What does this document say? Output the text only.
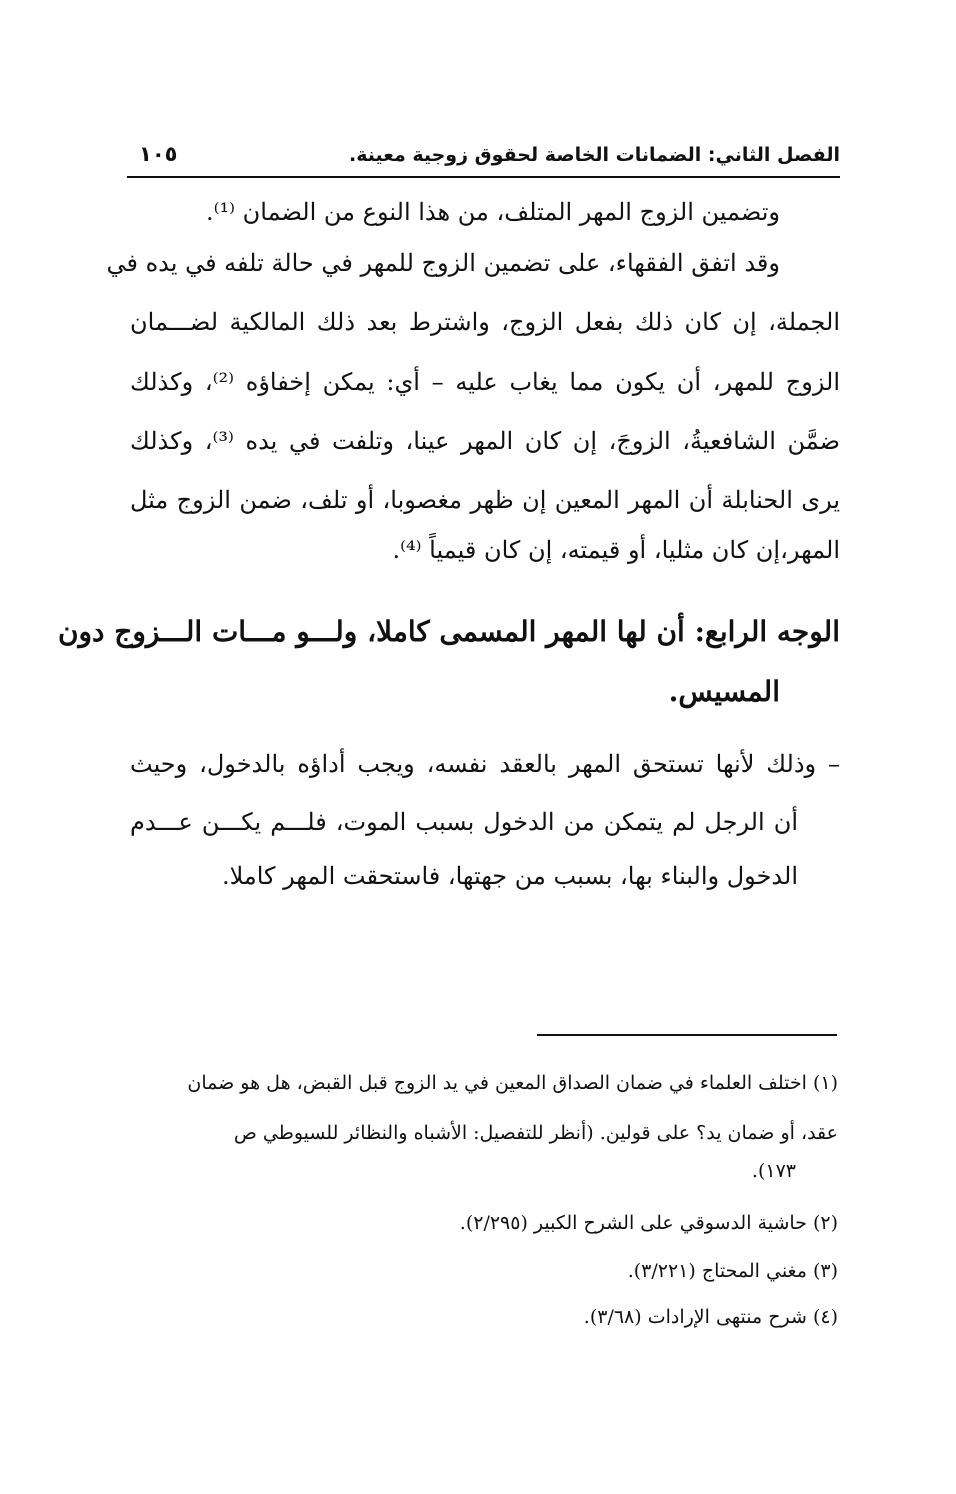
الفصل الثاني: الضمانات الخاصة لحقوق زوجية معينة.
١٠٥
وتضمين الزوج المهر المتلف، من هذا النوع من الضمان ⁽¹⁾.
وقد اتفق الفقهاء، على تضمين الزوج للمهر في حالة تلفه في يده في
الجملة، إن كان ذلك بفعل الزوج، واشترط بعد ذلك المالكية لضـــمان
الزوج للمهر، أن يكون مما يغاب عليه – أي: يمكن إخفاؤه ⁽²⁾، وكذلك
ضمَّن الشافعيةُ، الزوجَ، إن كان المهر عينا، وتلفت في يده ⁽³⁾، وكذلك
يرى الحنابلة أن المهر المعين إن ظهر مغصوبا، أو تلف، ضمن الزوج مثل
المهر،إن كان مثليا، أو قيمته، إن كان قيمياً ⁽⁴⁾.
الوجه الرابع: أن لها المهر المسمى كاملا، ولـــو مـــات الـــزوج دون
المسيس.
– وذلك لأنها تستحق المهر بالعقد نفسه، ويجب أداؤه بالدخول، وحيث
أن الرجل لم يتمكن من الدخول بسبب الموت، فلـــم يكـــن عـــدم
الدخول والبناء بها، بسبب من جهتها، فاستحقت المهر كاملا.
(١) اختلف العلماء في ضمان الصداق المعين في يد الزوج قبل القبض، هل هو ضمان
عقد، أو ضمان يد؟ على قولين. (أنظر للتفصيل: الأشباه والنظائر للسيوطي ص
١٧٣).
(٢) حاشية الدسوقي على الشرح الكبير (٢/٢٩٥).
(٣) مغني المحتاج (٣/٢٢١).
(٤) شرح منتهى الإرادات (٣/٦٨).
